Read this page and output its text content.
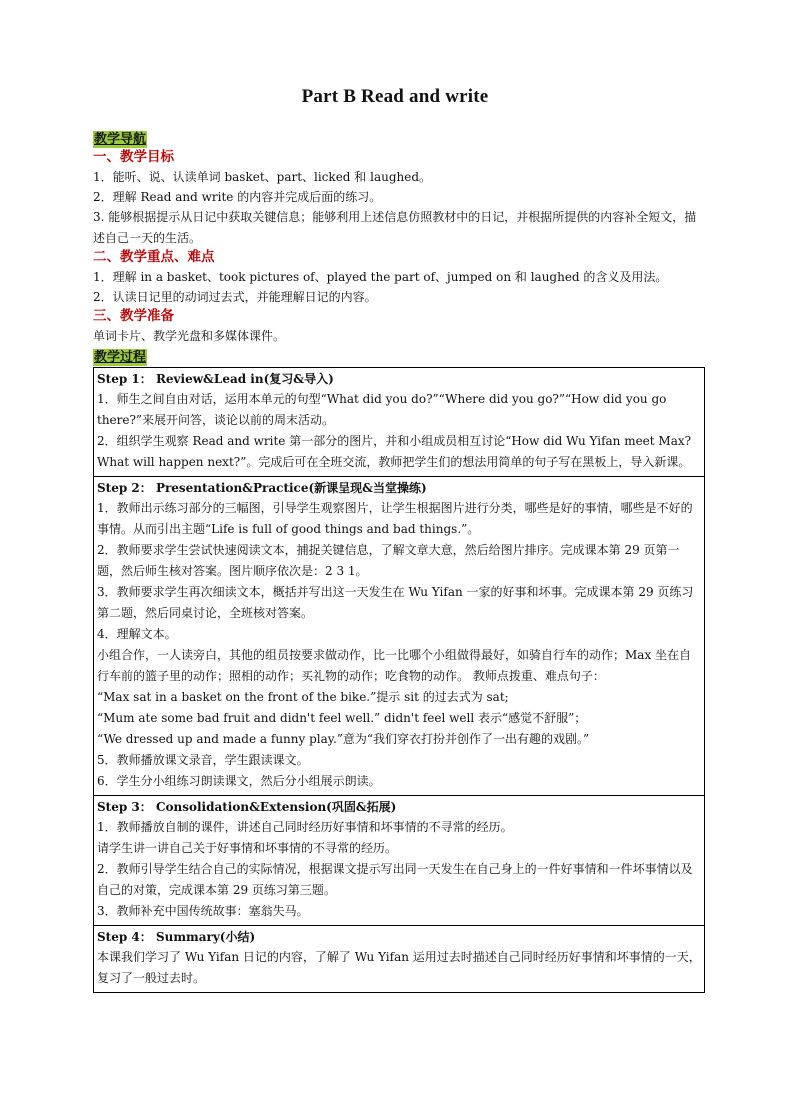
Part B Read and write
教学导航

一、教学目标

1．能听、说、认读单词 basket、part、licked 和 laughed。

2．理解 Read and write 的内容并完成后面的练习。

3. 能够根据提示从日记中获取关键信息；能够利用上述信息仿照教材中的日记，并根据所提供的内容补全短文，描述自己一天的生活。

二、教学重点、难点

1．理解 in a basket、took pictures of、played the part of、jumped on 和 laughed 的含义及用法。

2．认读日记里的动词过去式，并能理解日记的内容。

三、教学准备

单词卡片、教学光盘和多媒体课件。

教学过程
Step 1： Review&Lead in(复习&导入)

1．师生之间自由对话，运用本单元的句型“What did you do?”“Where did you go?”“How did you go there?”来展开问答，谈论以前的周末活动。

2．组织学生观察 Read and write 第一部分的图片，并和小组成员相互讨论“How did Wu Yifan meet Max? What will happen next?”。完成后可在全班交流，教师把学生们的想法用简单的句子写在黑板上，导入新课。

Step 2： Presentation&Practice(新课呈现&当堂操练)

1．教师出示练习部分的三幅图，引导学生观察图片，让学生根据图片进行分类，哪些是好的事情，哪些是不好的事情。从而引出主题“Life is full of good things and bad things.”。

2．教师要求学生尝试快速阅读文本，捕捉关键信息，了解文章大意，然后给图片排序。完成课本第 29 页第一题，然后师生核对答案。图片顺序依次是：2 3 1。

3．教师要求学生再次细读文本，概括并写出这一天发生在 Wu Yifan 一家的好事和坏事。完成课本第 29 页练习第二题，然后同桌讨论，全班核对答案。

4．理解文本。

小组合作，一人读旁白，其他的组员按要求做动作，比一比哪个小组做得最好，如骑自行车的动作；Max 坐在自行车前的篮子里的动作；照相的动作；买礼物的动作；吃食物的动作。 教师点拨重、难点句子：

“Max sat in a basket on the front of the bike.”提示 sit 的过去式为 sat;

“Mum ate some bad fruit and didn't feel well.” didn't feel well 表示“感觉不舒服”；

“We dressed up and made a funny play.”意为“我们穿衣打扮并创作了一出有趣的戏剧。”

5．教师播放课文录音，学生跟读课文。

6．学生分小组练习朗读课文，然后分小组展示朗读。

Step 3： Consolidation&Extension(巩固&拓展)

1．教师播放自制的课件，讲述自己同时经历好事情和坏事情的不寻常的经历。

请学生讲一讲自己关于好事情和坏事情的不寻常的经历。

2．教师引导学生结合自己的实际情况，根据课文提示写出同一天发生在自己身上的一件好事情和一件坏事情以及自己的对策，完成课本第 29 页练习第三题。

3．教师补充中国传统故事：塞翁失马。

Step 4： Summary(小结)

本课我们学习了 Wu Yifan 日记的内容，了解了 Wu Yifan 运用过去时描述自己同时经历好事情和坏事情的一天，复习了一般过去时。
